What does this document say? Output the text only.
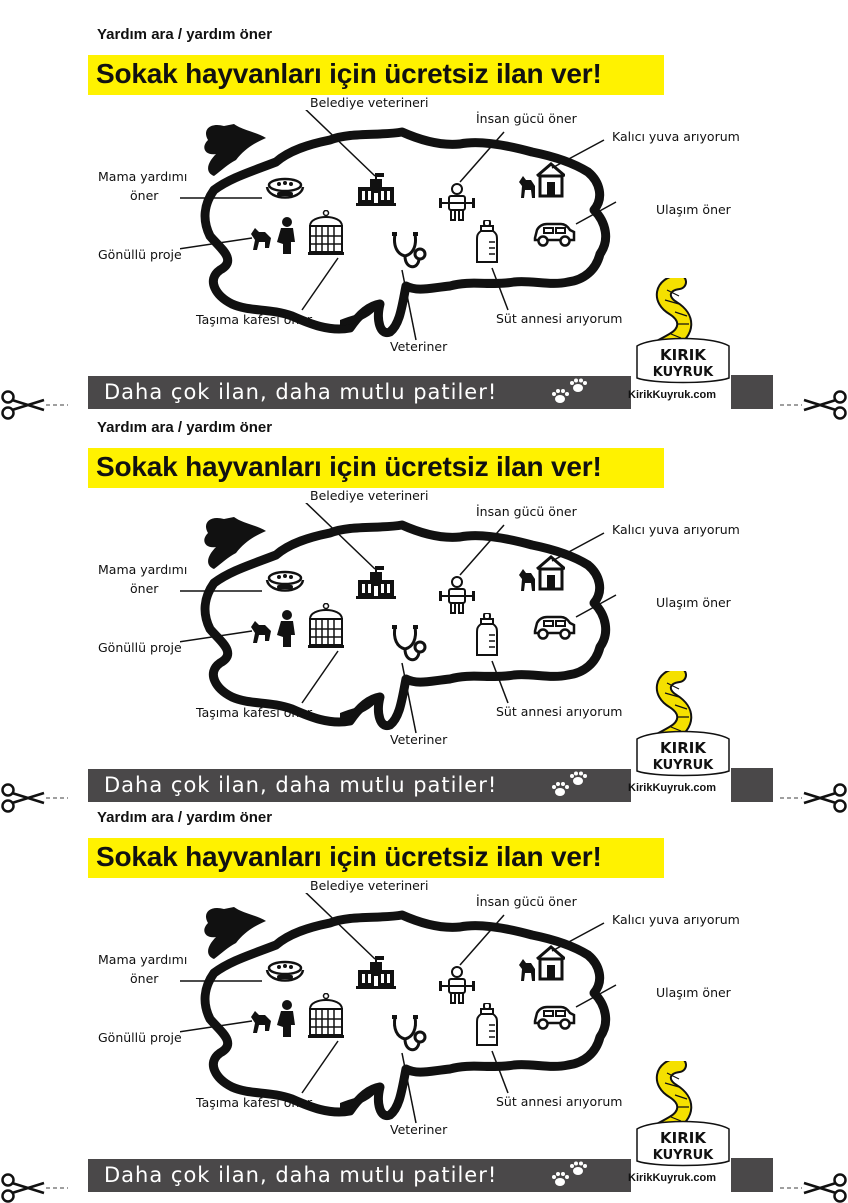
Yardım ara / yardım öner
Sokak hayvanları için ücretsiz ilan ver!
Belediye veterineri
İnsan gücü öner
Kalıcı yuva arıyorum
Mama yardımı
öner
Ulaşım öner
Gönüllü proje
Taşıma kafesi öner	Süt annesi arıyorum
Veteriner	KIRIK
KUYRUK
Daha çok ilan, daha mutlu patiler!	KirikKuyruk.com
Yardım ara / yardım öner
Sokak hayvanları için ücretsiz ilan ver!
Belediye veterineri
İnsan gücü öner
Kalıcı yuva arıyorum
Mama yardımı
öner
Ulaşım öner
Gönüllü proje
Taşıma kafesi öner	Süt annesi arıyorum
Veteriner	KIRIK
KUYRUK
Daha çok ilan, daha mutlu patiler!	KirikKuyruk.com
Yardım ara / yardım öner
Sokak hayvanları için ücretsiz ilan ver!
Belediye veterineri
İnsan gücü öner
Kalıcı yuva arıyorum
Mama yardımı
öner
Ulaşım öner
Gönüllü proje
Taşıma kafesi öner	Süt annesi arıyorum
Veteriner	KIRIK
KUYRUK
Daha çok ilan, daha mutlu patiler!	KirikKuyruk.com
